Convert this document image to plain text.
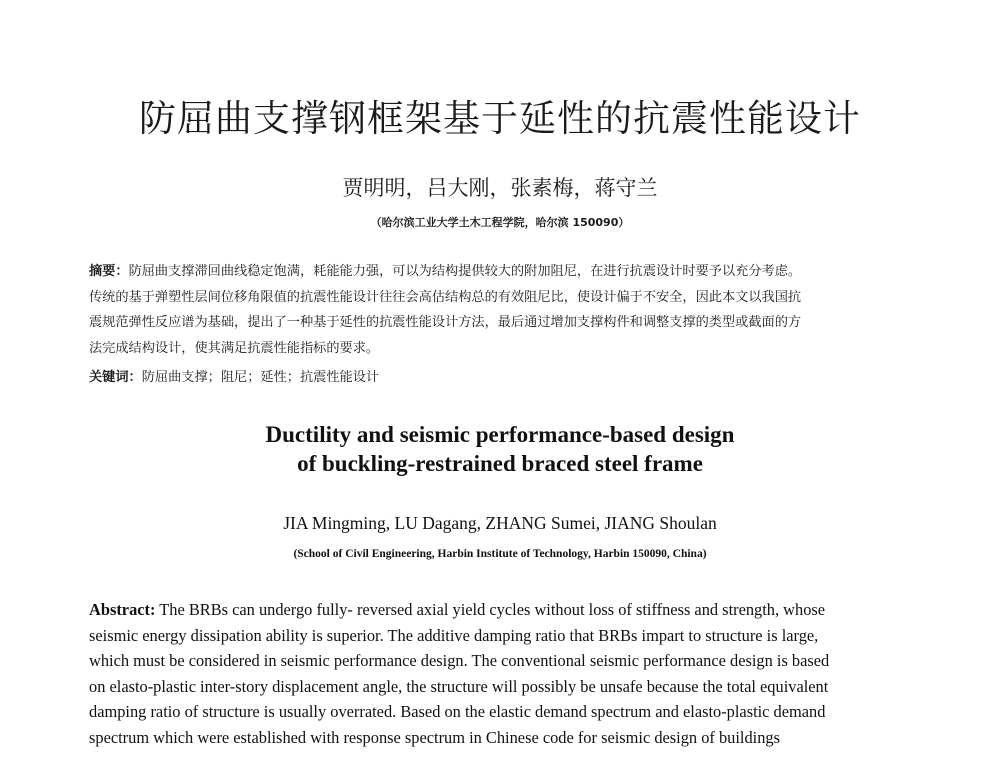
防屈曲支撑钢框架基于延性的抗震性能设计
贾明明，吕大刚，张素梅，蒋守兰
（哈尔滨工业大学土木工程学院，哈尔滨 150090）
摘要：防屈曲支撑滞回曲线稳定饱满，耗能能力强，可以为结构提供较大的附加阻尼，在进行抗震设计时要予以充分考虑。
传统的基于弹塑性层间位移角限值的抗震性能设计往往会高估结构总的有效阻尼比，使设计偏于不安全，因此本文以我国抗
震规范弹性反应谱为基础，提出了一种基于延性的抗震性能设计方法，最后通过增加支撑构件和调整支撑的类型或截面的方
法完成结构设计，使其满足抗震性能指标的要求。
关键词：防屈曲支撑；阻尼；延性；抗震性能设计
Ductility and seismic performance-based design
of buckling-restrained braced steel frame
JIA Mingming, LU Dagang, ZHANG Sumei, JIANG Shoulan
(School of Civil Engineering, Harbin Institute of Technology, Harbin 150090, China)
Abstract: The BRBs can undergo fully- reversed axial yield cycles without loss of stiffness and strength, whose
seismic energy dissipation ability is superior. The additive damping ratio that BRBs impart to structure is large,
which must be considered in seismic performance design. The conventional seismic performance design is based
on elasto-plastic inter-story displacement angle, the structure will possibly be unsafe because the total equivalent
damping ratio of structure is usually overrated. Based on the elastic demand spectrum and elasto-plastic demand
spectrum which were established with response spectrum in Chinese code for seismic design of buildings
